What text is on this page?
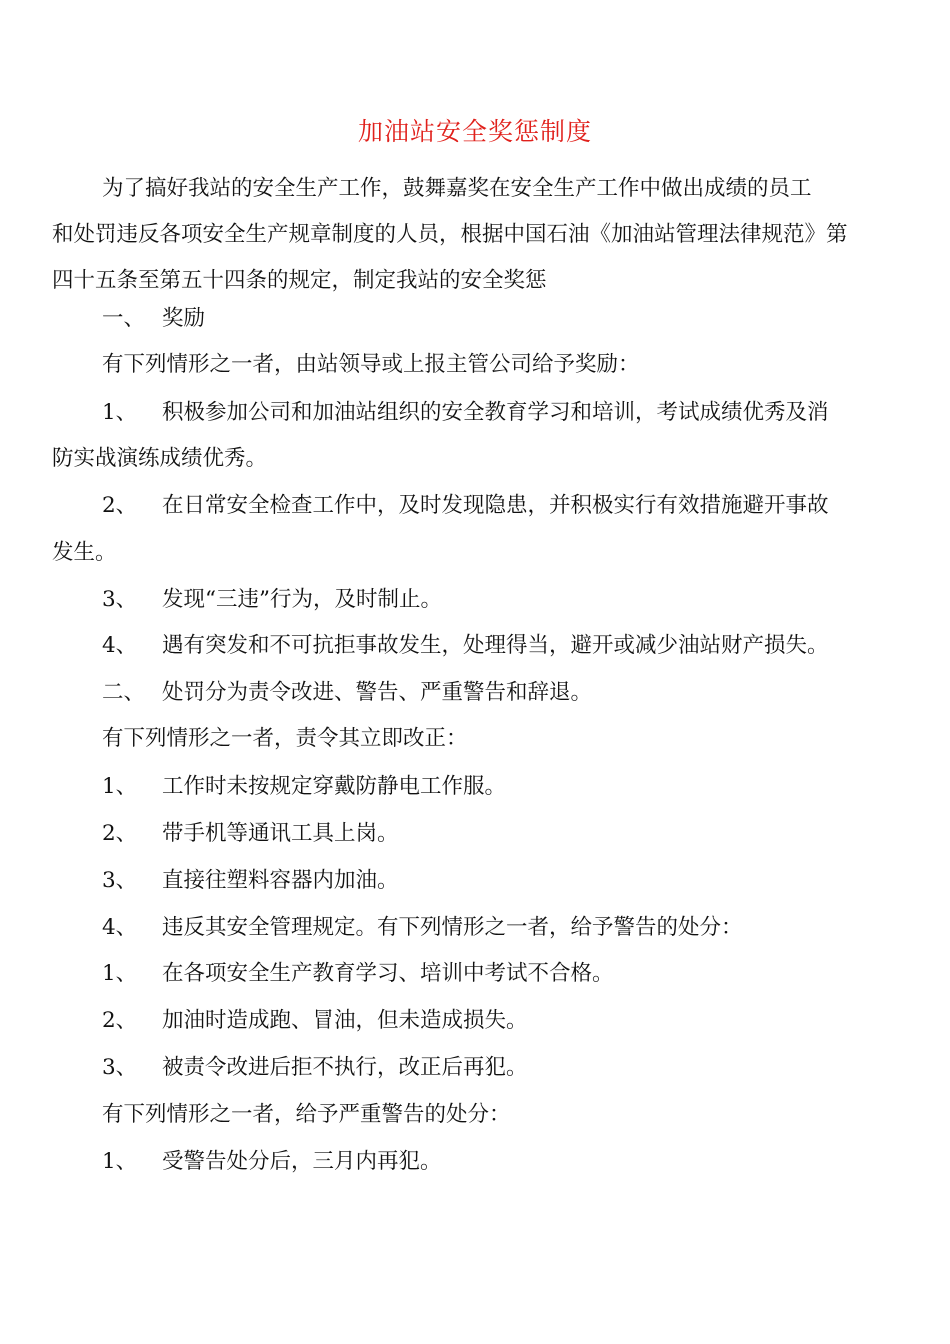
加油站安全奖惩制度
为了搞好我站的安全生产工作，鼓舞嘉奖在安全生产工作中做出成绩的员工
和处罚违反各项安全生产规章制度的人员，根据中国石油《加油站管理法律规范》第
四十五条至第五十四条的规定，制定我站的安全奖惩
一、 奖励
有下列情形之一者，由站领导或上报主管公司给予奖励：
1、 积极参加公司和加油站组织的安全教育学习和培训，考试成绩优秀及消
防实战演练成绩优秀。
2、 在日常安全检查工作中，及时发现隐患，并积极实行有效措施避开事故
发生。
3、 发现“三违”行为，及时制止。
4、 遇有突发和不可抗拒事故发生，处理得当，避开或减少油站财产损失。
二、 处罚分为责令改进、警告、严重警告和辞退。
有下列情形之一者，责令其立即改正：
1、 工作时未按规定穿戴防静电工作服。
2、 带手机等通讯工具上岗。
3、 直接往塑料容器内加油。
4、 违反其安全管理规定。有下列情形之一者，给予警告的处分：
1、 在各项安全生产教育学习、培训中考试不合格。
2、 加油时造成跑、冒油，但未造成损失。
3、 被责令改进后拒不执行，改正后再犯。
有下列情形之一者，给予严重警告的处分：
1、 受警告处分后，三月内再犯。
